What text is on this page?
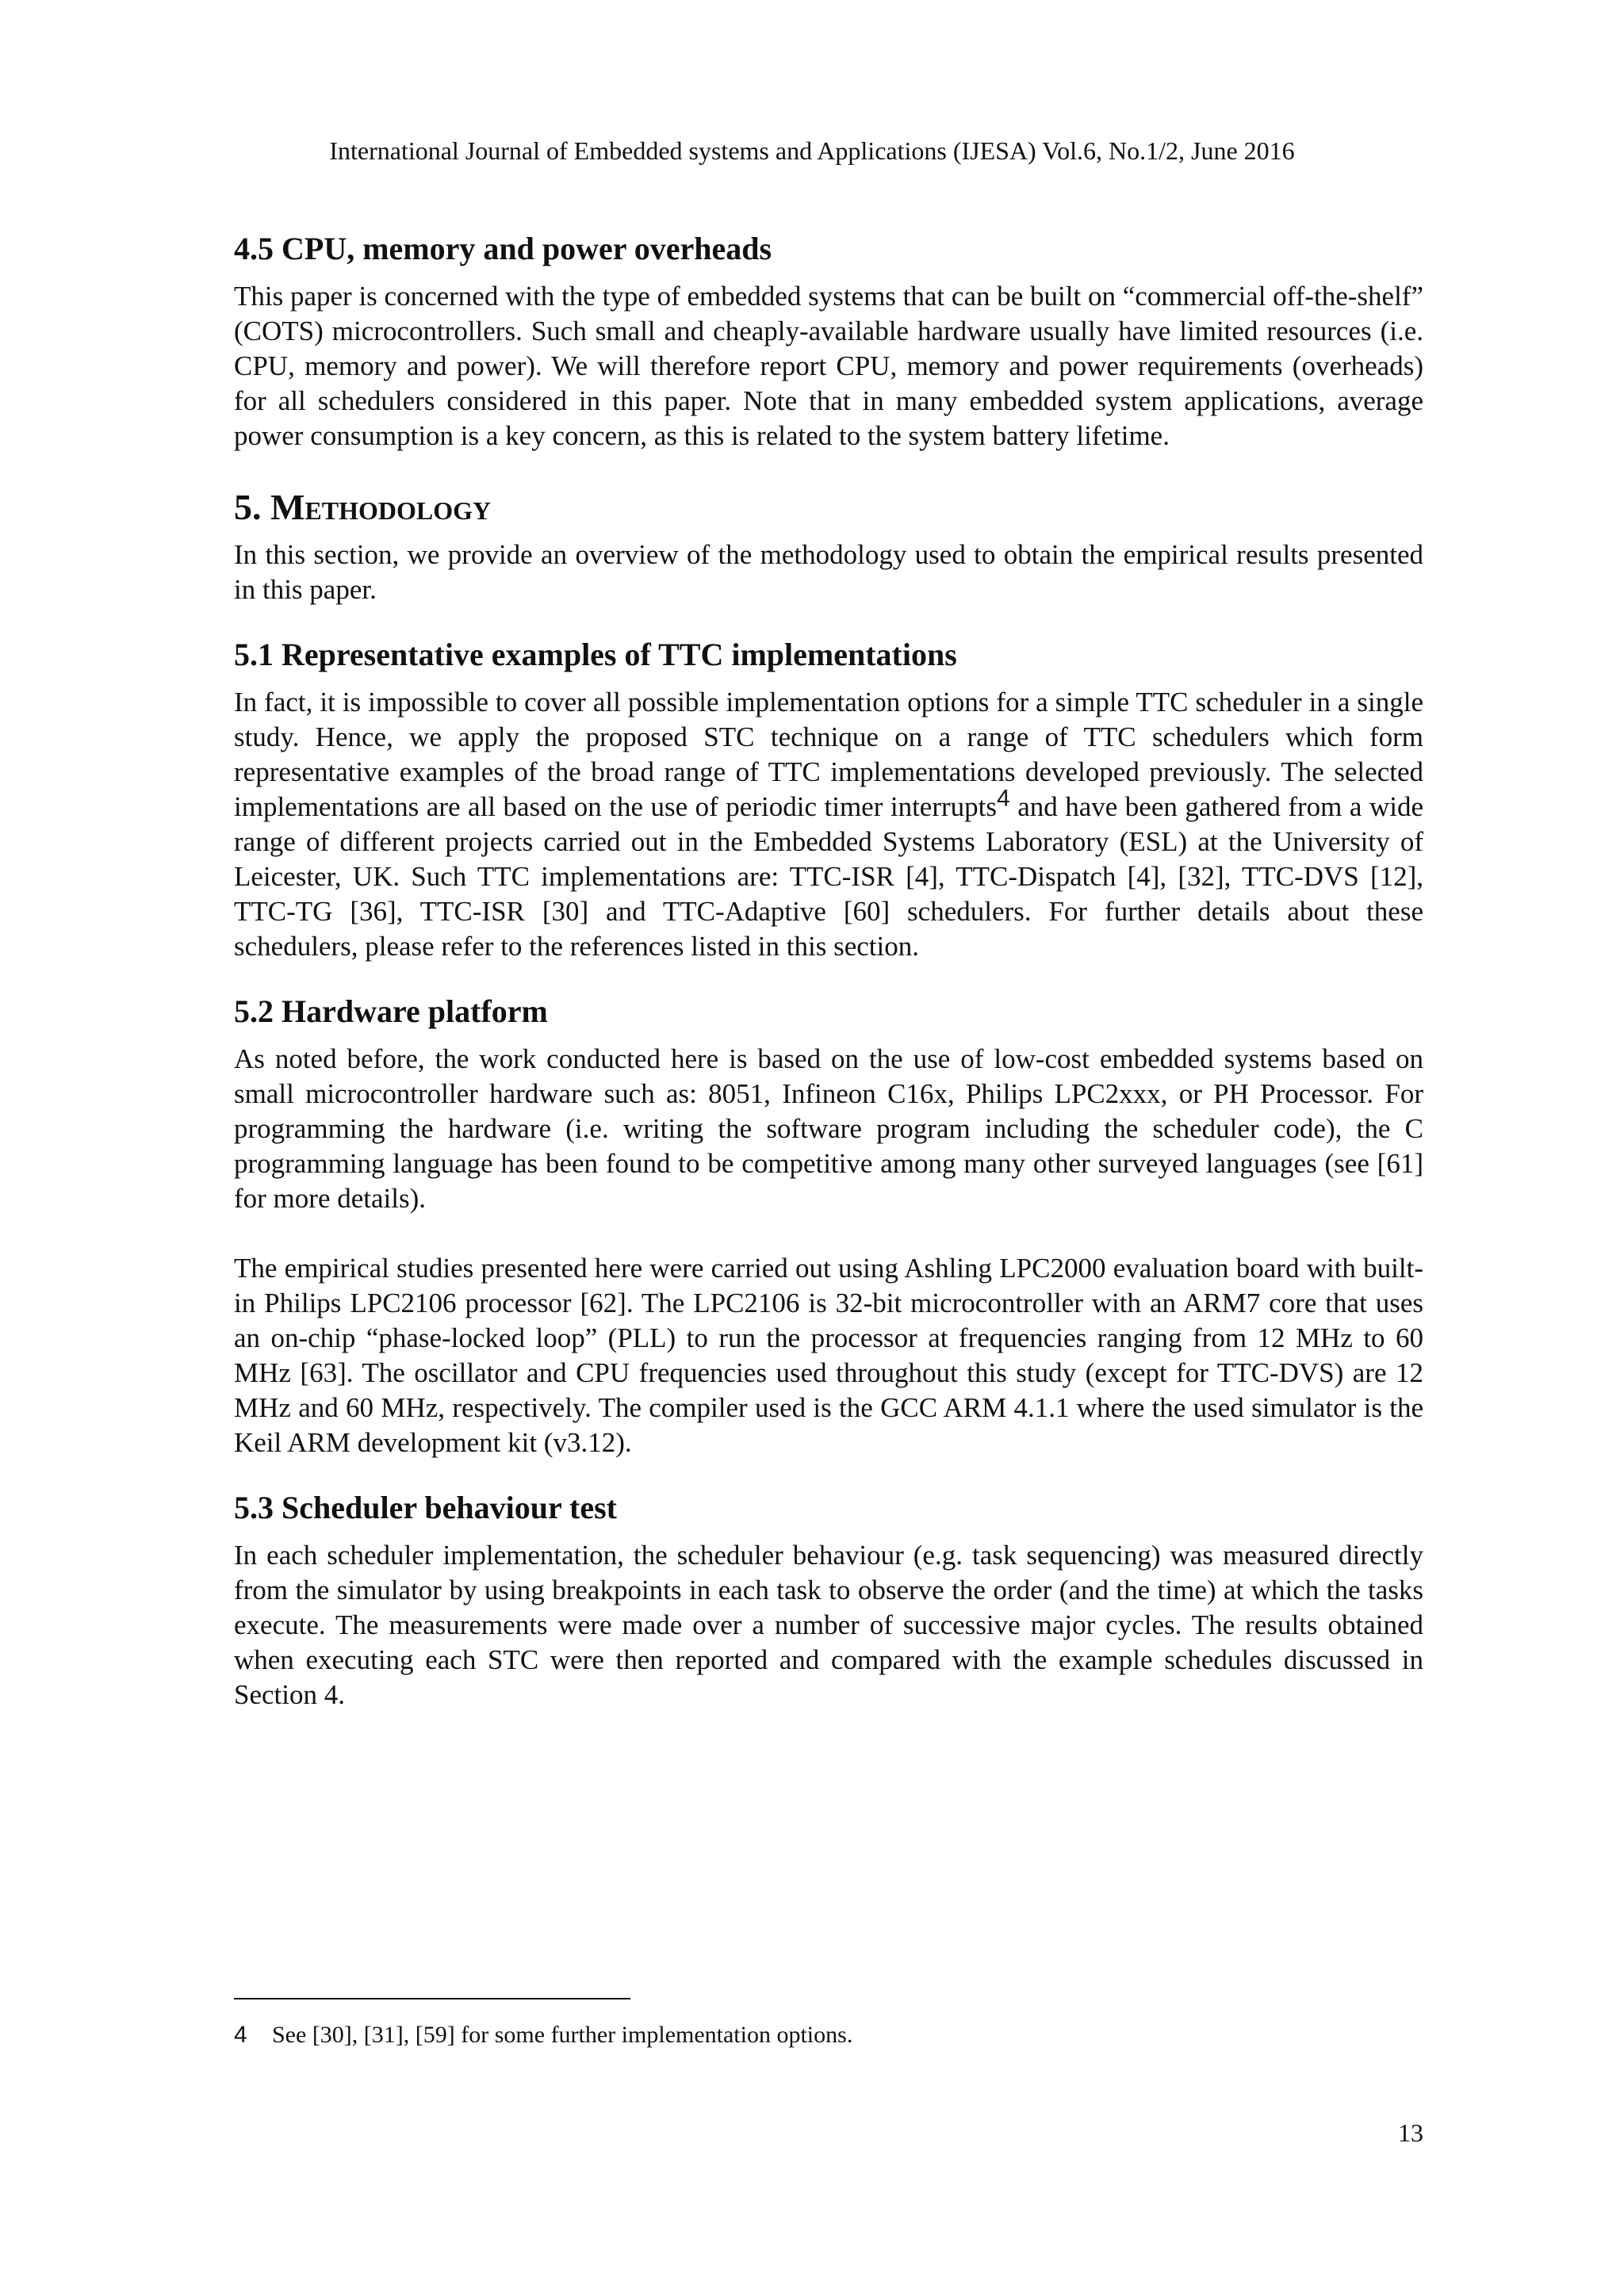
International Journal of Embedded systems and Applications (IJESA) Vol.6, No.1/2, June 2016
4.5 CPU, memory and power overheads

This paper is concerned with the type of embedded systems that can be built on “commercial off-the-shelf” (COTS) microcontrollers. Such small and cheaply-available hardware usually have limited resources (i.e. CPU, memory and power). We will therefore report CPU, memory and power requirements (overheads) for all schedulers considered in this paper. Note that in many embedded system applications, average power consumption is a key concern, as this is related to the system battery lifetime.

5. Methodology

In this section, we provide an overview of the methodology used to obtain the empirical results presented in this paper.

5.1 Representative examples of TTC implementations

In fact, it is impossible to cover all possible implementation options for a simple TTC scheduler in a single study. Hence, we apply the proposed STC technique on a range of TTC schedulers which form representative examples of the broad range of TTC implementations developed previously. The selected implementations are all based on the use of periodic timer interrupts$^4$ and have been gathered from a wide range of different projects carried out in the Embedded Systems Laboratory (ESL) at the University of Leicester, UK. Such TTC implementations are: TTC-ISR [4], TTC-Dispatch [4], [32], TTC-DVS [12], TTC-TG [36], TTC-ISR [30] and TTC-Adaptive [60] schedulers. For further details about these schedulers, please refer to the references listed in this section.

5.2 Hardware platform

As noted before, the work conducted here is based on the use of low-cost embedded systems based on small microcontroller hardware such as: 8051, Infineon C16x, Philips LPC2xxx, or PH Processor. For programming the hardware (i.e. writing the software program including the scheduler code), the C programming language has been found to be competitive among many other surveyed languages (see [61] for more details).

The empirical studies presented here were carried out using Ashling LPC2000 evaluation board with built-in Philips LPC2106 processor [62]. The LPC2106 is 32-bit microcontroller with an ARM7 core that uses an on-chip “phase-locked loop” (PLL) to run the processor at frequencies ranging from 12 MHz to 60 MHz [63]. The oscillator and CPU frequencies used throughout this study (except for TTC-DVS) are 12 MHz and 60 MHz, respectively. The compiler used is the GCC ARM 4.1.1 where the used simulator is the Keil ARM development kit (v3.12).

5.3 Scheduler behaviour test

In each scheduler implementation, the scheduler behaviour (e.g. task sequencing) was measured directly from the simulator by using breakpoints in each task to observe the order (and the time) at which the tasks execute. The measurements were made over a number of successive major cycles. The results obtained when executing each STC were then reported and compared with the example schedules discussed in Section 4.

4 See [30], [31], [59] for some further implementation options.
13
